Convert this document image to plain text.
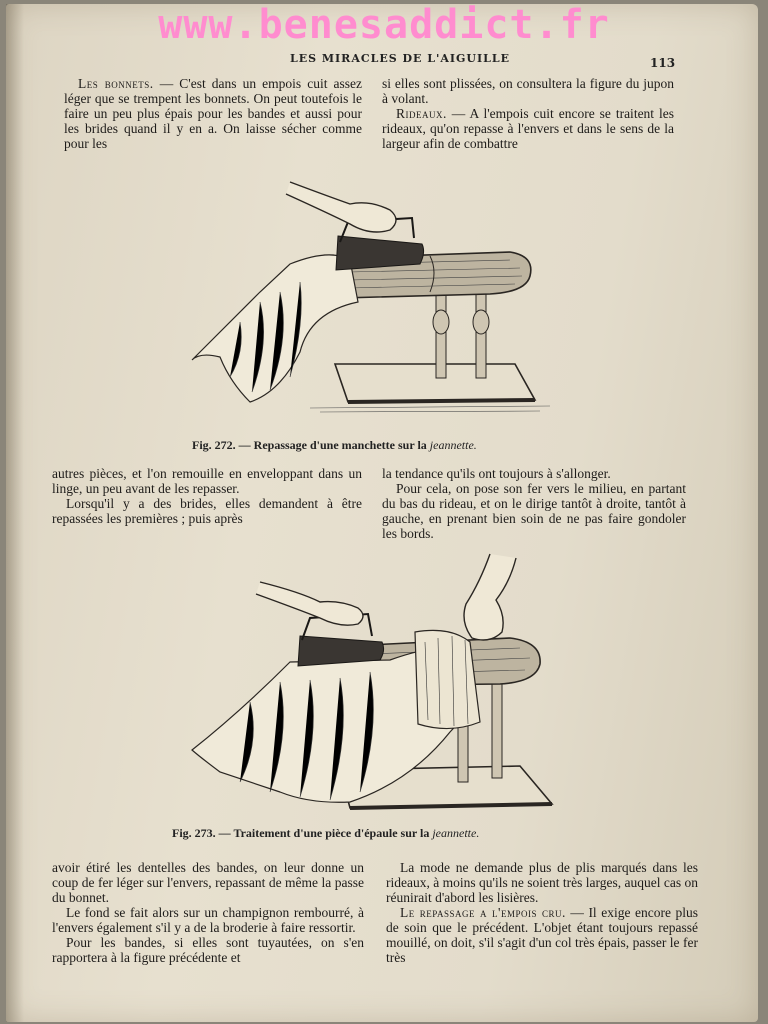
www.benesaddict.fr
LES MIRACLES DE L'AIGUILLE	113

Les bonnets. — C'est dans un empois cuit assez léger que se trempent les bonnets. On peut toutefois le faire un peu plus épais pour les bandes et aussi pour les brides quand il y en a. On laisse sécher comme pour les

si elles sont plissées, on consultera la figure du jupon à volant.

Rideaux. — A l'empois cuit encore se traitent les rideaux, qu'on repasse à l'envers et dans le sens de la largeur afin de combattre

Fig. 272. — Repassage d'une manchette sur la jeannette.

autres pièces, et l'on remouille en enveloppant dans un linge, un peu avant de les repasser.

Lorsqu'il y a des brides, elles demandent à être repassées les premières ; puis après

la tendance qu'ils ont toujours à s'allonger.

Pour cela, on pose son fer vers le milieu, en partant du bas du rideau, et on le dirige tantôt à droite, tantôt à gauche, en prenant bien soin de ne pas faire gondoler les bords.

Fig. 273. — Traitement d'une pièce d'épaule sur la jeannette.

avoir étiré les dentelles des bandes, on leur donne un coup de fer léger sur l'envers, repassant de même la passe du bonnet.

Le fond se fait alors sur un champignon rembourré, à l'envers également s'il y a de la broderie à faire ressortir.

Pour les bandes, si elles sont tuyautées, on s'en rapportera à la figure précédente et

La mode ne demande plus de plis marqués dans les rideaux, à moins qu'ils ne soient très larges, auquel cas on réunirait d'abord les lisières.

Le repassage a l'empois cru. — Il exige encore plus de soin que le précédent. L'objet étant toujours repassé mouillé, on doit, s'il s'agit d'un col très épais, passer le fer très
